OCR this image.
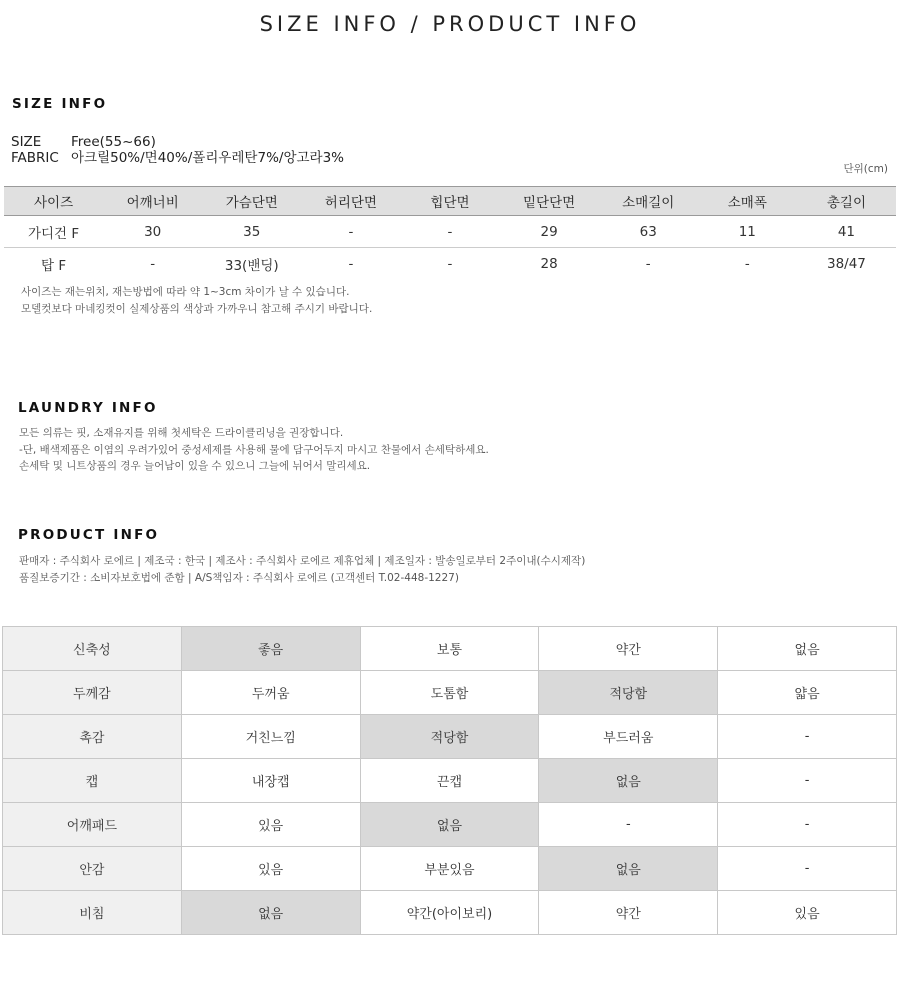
SIZE INFO / PRODUCT INFO
SIZE INFO
SIZE Free(55~66)
FABRIC 아크릴50%/면40%/폴리우레탄7%/앙고라3%
단위(cm)
사이즈	어깨너비	가슴단면	허리단면	힙단면	밑단단면	소매길이	소매폭	총길이
가디건 F	30	35	-	-	29	63	11	41
탑 F	-	33(밴딩)	-	-	28	-	-	38/47
사이즈는 재는위치, 재는방법에 따라 약 1~3cm 차이가 날 수 있습니다.
모델컷보다 마네킹컷이 실제상품의 색상과 가까우니 참고해 주시기 바랍니다.
LAUNDRY INFO
모든 의류는 핏, 소재유지를 위해 첫세탁은 드라이클리닝을 권장합니다.
-단, 배색제품은 이염의 우려가있어 중성세제를 사용해 물에 담구어두지 마시고 찬물에서 손세탁하세요.
손세탁 및 니트상품의 경우 늘어남이 있을 수 있으니 그늘에 뉘어서 말리세요.
PRODUCT INFO
판매자 : 주식회사 로에르 | 제조국 : 한국 | 제조사 : 주식회사 로에르 제휴업체 | 제조일자 : 발송일로부터 2주이내(수시제작)
품질보증기간 : 소비자보호법에 준함 | A/S책임자 : 주식회사 로에르 (고객센터 T.02-448-1227)
신축성	좋음	보통	약간	없음
두께감	두꺼움	도톰함	적당함	얇음
촉감	거친느낌	적당함	부드러움	-
캡	내장캡	끈캡	없음	-
어깨패드	있음	없음	-	-
안감	있음	부분있음	없음	-
비침	없음	약간(아이보리)	약간	있음
